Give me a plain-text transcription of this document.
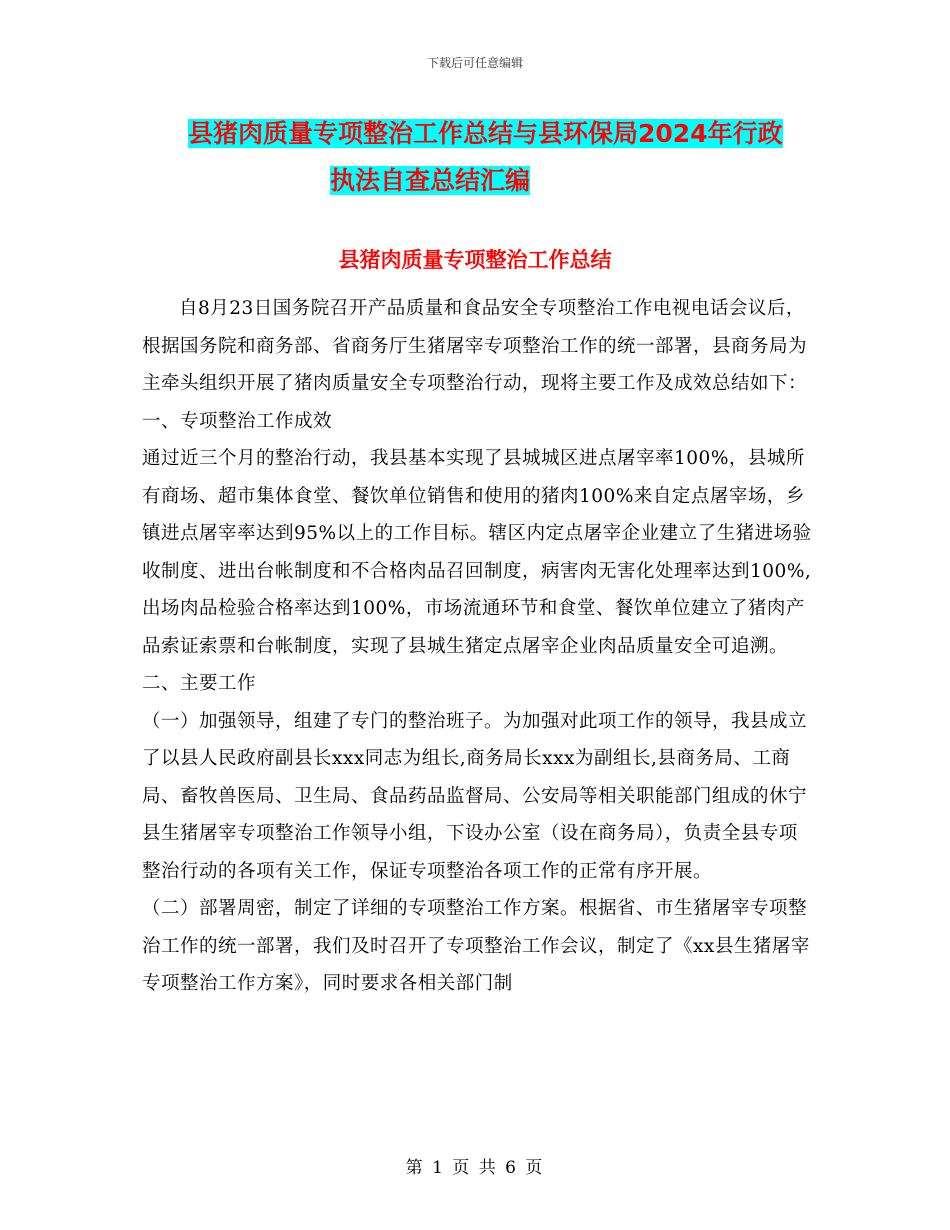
下载后可任意编辑
县猪肉质量专项整治工作总结与县环保局2024年行政
执法自查总结汇编
县猪肉质量专项整治工作总结

自8月23日国务院召开产品质量和食品安全专项整治工作电视电话会议后，根据国务院和商务部、省商务厅生猪屠宰专项整治工作的统一部署，县商务局为主牵头组织开展了猪肉质量安全专项整治行动，现将主要工作及成效总结如下：

一、专项整治工作成效

通过近三个月的整治行动，我县基本实现了县城城区进点屠宰率100%，县城所有商场、超市集体食堂、餐饮单位销售和使用的猪肉100%来自定点屠宰场，乡镇进点屠宰率达到95%以上的工作目标。辖区内定点屠宰企业建立了生猪进场验收制度、进出台帐制度和不合格肉品召回制度，病害肉无害化处理率达到100%,出场肉品检验合格率达到100%，市场流通环节和食堂、餐饮单位建立了猪肉产品索证索票和台帐制度，实现了县城生猪定点屠宰企业肉品质量安全可追溯。

二、主要工作

（一）加强领导，组建了专门的整治班子。为加强对此项工作的领导，我县成立了以县人民政府副县长xxx同志为组长,商务局长xxx为副组长,县商务局、工商局、畜牧兽医局、卫生局、食品药品监督局、公安局等相关职能部门组成的休宁县生猪屠宰专项整治工作领导小组，下设办公室（设在商务局），负责全县专项整治行动的各项有关工作，保证专项整治各项工作的正常有序开展。

（二）部署周密，制定了详细的专项整治工作方案。根据省、市生猪屠宰专项整治工作的统一部署，我们及时召开了专项整治工作会议，制定了《xx县生猪屠宰专项整治工作方案》，同时要求各相关部门制

第 1 页 共 6 页
